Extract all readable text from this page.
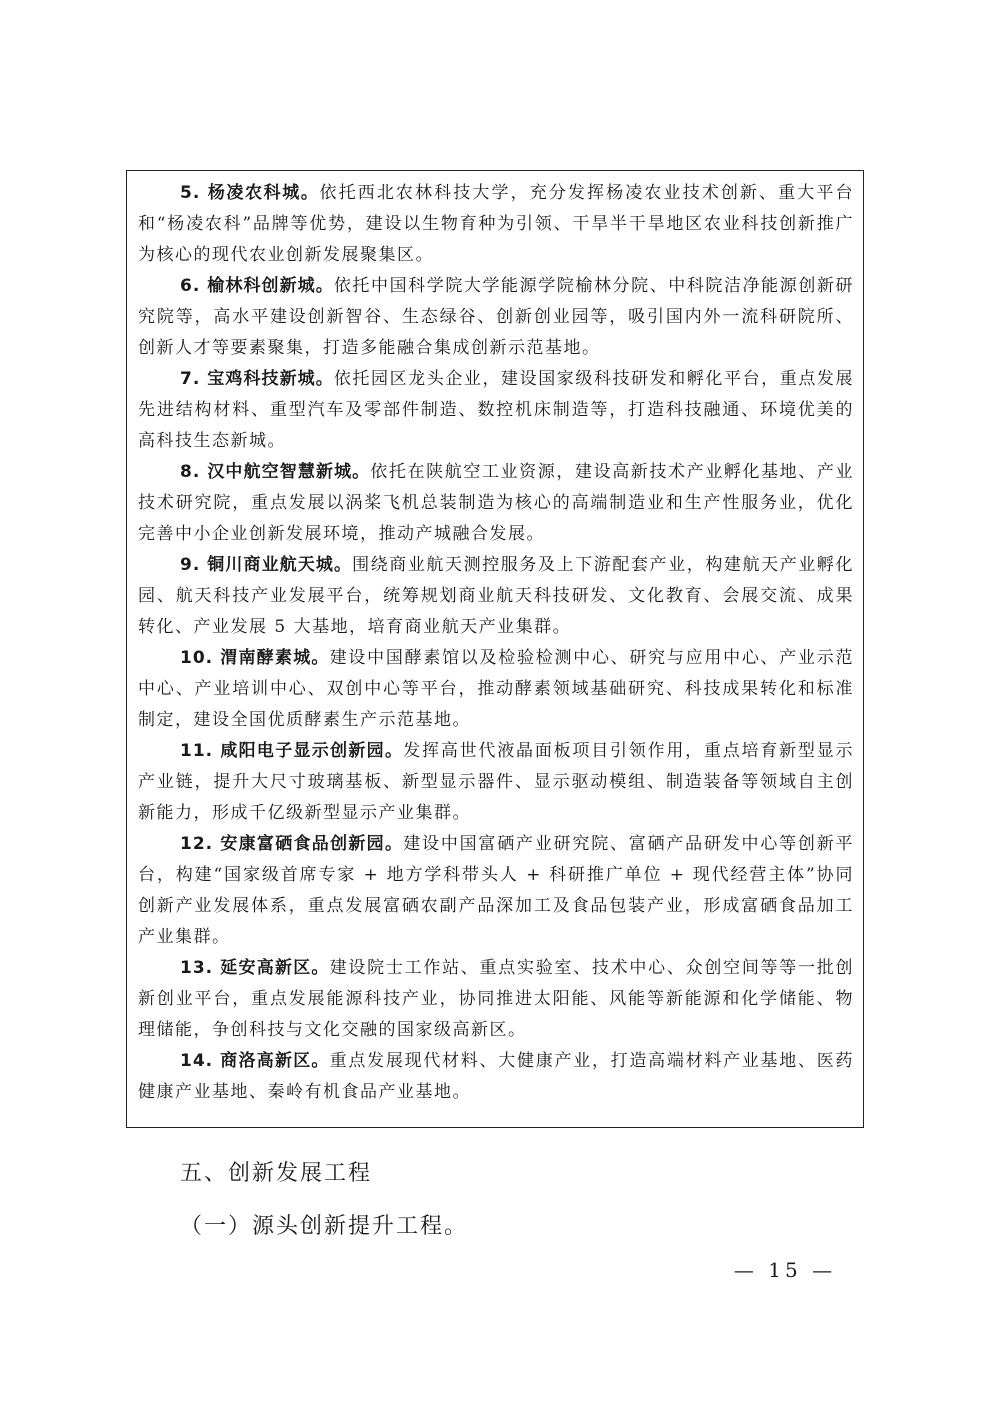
5. 杨凌农科城。依托西北农林科技大学，充分发挥杨凌农业技术创新、重大平台和“杨凌农科”品牌等优势，建设以生物育种为引领、干旱半干旱地区农业科技创新推广为核心的现代农业创新发展聚集区。

6. 榆林科创新城。依托中国科学院大学能源学院榆林分院、中科院洁净能源创新研究院等，高水平建设创新智谷、生态绿谷、创新创业园等，吸引国内外一流科研院所、创新人才等要素聚集，打造多能融合集成创新示范基地。

7. 宝鸡科技新城。依托园区龙头企业，建设国家级科技研发和孵化平台，重点发展先进结构材料、重型汽车及零部件制造、数控机床制造等，打造科技融通、环境优美的高科技生态新城。

8. 汉中航空智慧新城。依托在陕航空工业资源，建设高新技术产业孵化基地、产业技术研究院，重点发展以涡桨飞机总装制造为核心的高端制造业和生产性服务业，优化完善中小企业创新发展环境，推动产城融合发展。

9. 铜川商业航天城。围绕商业航天测控服务及上下游配套产业，构建航天产业孵化园、航天科技产业发展平台，统筹规划商业航天科技研发、文化教育、会展交流、成果转化、产业发展 5 大基地，培育商业航天产业集群。

10. 渭南酵素城。建设中国酵素馆以及检验检测中心、研究与应用中心、产业示范中心、产业培训中心、双创中心等平台，推动酵素领域基础研究、科技成果转化和标准制定，建设全国优质酵素生产示范基地。

11. 咸阳电子显示创新园。发挥高世代液晶面板项目引领作用，重点培育新型显示产业链，提升大尺寸玻璃基板、新型显示器件、显示驱动模组、制造装备等领域自主创新能力，形成千亿级新型显示产业集群。

12. 安康富硒食品创新园。建设中国富硒产业研究院、富硒产品研发中心等创新平台，构建“国家级首席专家 + 地方学科带头人 + 科研推广单位 + 现代经营主体”协同创新产业发展体系，重点发展富硒农副产品深加工及食品包装产业，形成富硒食品加工产业集群。

13. 延安高新区。建设院士工作站、重点实验室、技术中心、众创空间等等一批创新创业平台，重点发展能源科技产业，协同推进太阳能、风能等新能源和化学储能、物理储能，争创科技与文化交融的国家级高新区。

14. 商洛高新区。重点发展现代材料、大健康产业，打造高端材料产业基地、医药健康产业基地、秦岭有机食品产业基地。

五、创新发展工程
（一）源头创新提升工程。
— 15 —
